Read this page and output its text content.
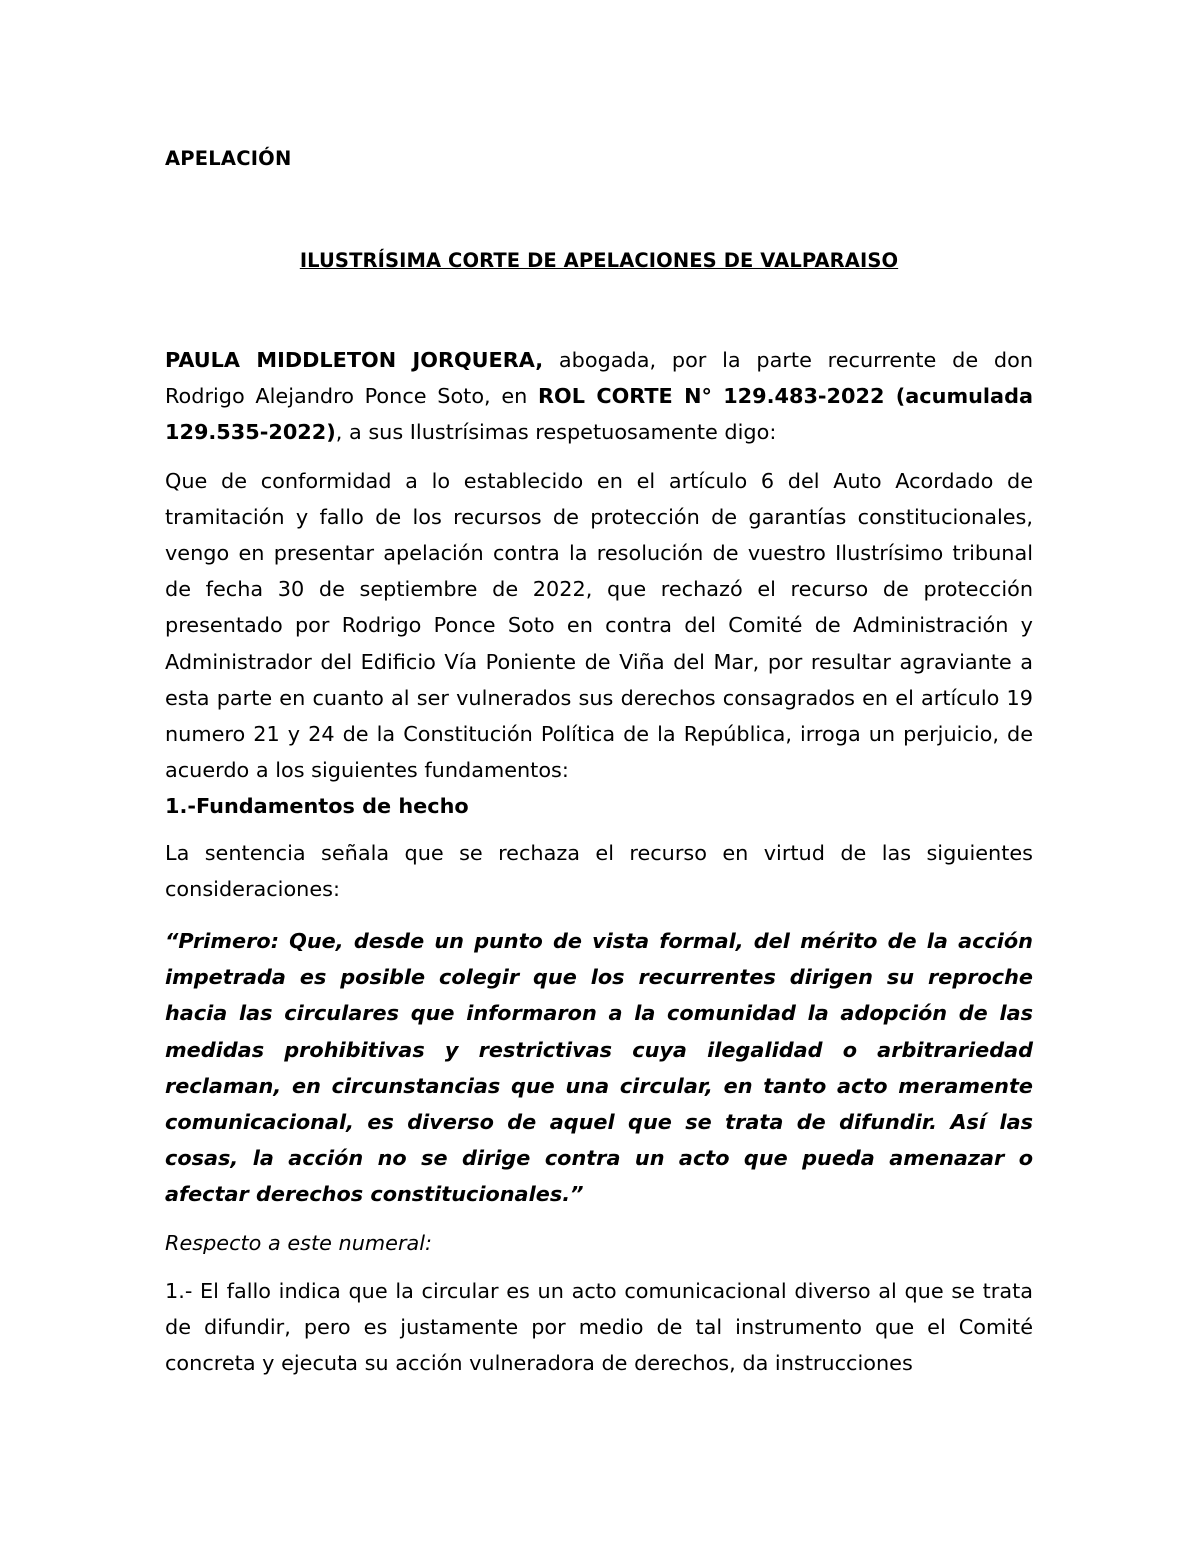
APELACIÓN

ILUSTRÍSIMA CORTE DE APELACIONES DE VALPARAISO

PAULA MIDDLETON JORQUERA, abogada, por la parte recurrente de don Rodrigo Alejandro Ponce Soto, en ROL CORTE N° 129.483-2022 (acumulada 129.535-2022), a sus Ilustrísimas respetuosamente digo:

Que de conformidad a lo establecido en el artículo 6 del Auto Acordado de tramitación y fallo de los recursos de protección de garantías constitucionales, vengo en presentar apelación contra la resolución de vuestro Ilustrísimo tribunal de fecha 30 de septiembre de 2022, que rechazó el recurso de protección presentado por Rodrigo Ponce Soto en contra del Comité de Administración y Administrador del Edificio Vía Poniente de Viña del Mar, por resultar agraviante a esta parte en cuanto al ser vulnerados sus derechos consagrados en el artículo 19 numero 21 y 24 de la Constitución Política de la República, irroga un perjuicio, de acuerdo a los siguientes fundamentos:

1.-Fundamentos de hecho

La sentencia señala que se rechaza el recurso en virtud de las siguientes consideraciones:

“Primero: Que, desde un punto de vista formal, del mérito de la acción impetrada es posible colegir que los recurrentes dirigen su reproche hacia las circulares que informaron a la comunidad la adopción de las medidas prohibitivas y restrictivas cuya ilegalidad o arbitrariedad reclaman, en circunstancias que una circular, en tanto acto meramente comunicacional, es diverso de aquel que se trata de difundir. Así las cosas, la acción no se dirige contra un acto que pueda amenazar o afectar derechos constitucionales.”

Respecto a este numeral:

1.- El fallo indica que la circular es un acto comunicacional diverso al que se trata de difundir, pero es justamente por medio de tal instrumento que el Comité concreta y ejecuta su acción vulneradora de derechos, da instrucciones
